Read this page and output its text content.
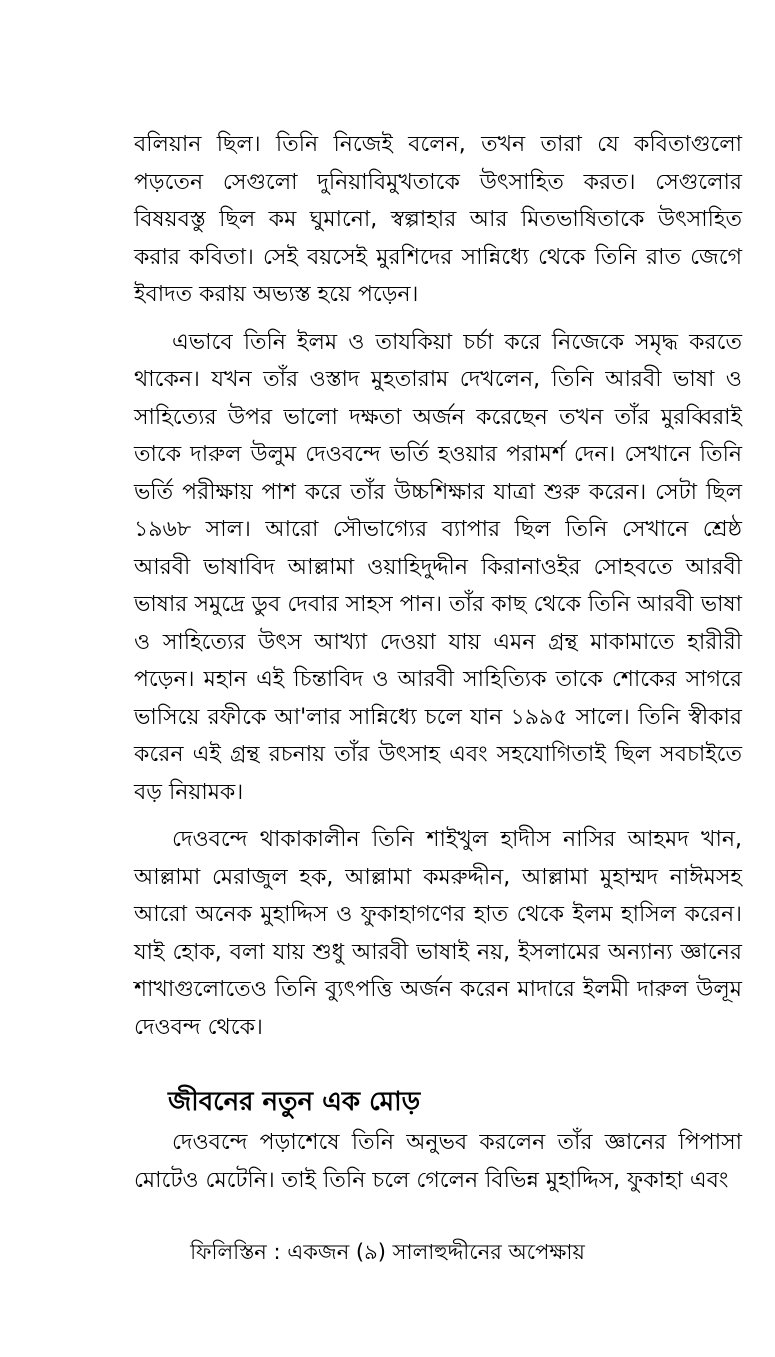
বলিয়ান ছিল। তিনি নিজেই বলেন, তখন তারা যে কবিতাগুলো পড়তেন সেগুলো দুনিয়াবিমুখতাকে উৎসাহিত করত। সেগুলোর বিষয়বস্তু ছিল কম ঘুমানো, স্বল্পাহার আর মিতভাষিতাকে উৎসাহিত করার কবিতা। সেই বয়সেই মুরশিদের সান্নিধ্যে থেকে তিনি রাত জেগে ইবাদত করায় অভ্যস্ত হয়ে পড়েন।

এভাবে তিনি ইলম ও তাযকিয়া চর্চা করে নিজেকে সমৃদ্ধ করতে থাকেন। যখন তাঁর ওস্তাদ মুহতারাম দেখলেন, তিনি আরবী ভাষা ও সাহিত্যের উপর ভালো দক্ষতা অর্জন করেছেন তখন তাঁর মুরব্বিরাই তাকে দারুল উলুম দেওবন্দে ভর্তি হওয়ার পরামর্শ দেন। সেখানে তিনি ভর্তি পরীক্ষায় পাশ করে তাঁর উচ্চশিক্ষার যাত্রা শুরু করেন। সেটা ছিল ১৯৬৮ সাল। আরো সৌভাগ্যের ব্যাপার ছিল তিনি সেখানে শ্রেষ্ঠ আরবী ভাষাবিদ আল্লামা ওয়াহিদুদ্দীন কিরানাওইর সোহবতে আরবী ভাষার সমুদ্রে ডুব দেবার সাহস পান। তাঁর কাছ থেকে তিনি আরবী ভাষা ও সাহিত্যের উৎস আখ্যা দেওয়া যায় এমন গ্রন্থ মাকামাতে হারীরী পড়েন। মহান এই চিন্তাবিদ ও আরবী সাহিত্যিক তাকে শোকের সাগরে ভাসিয়ে রফীকে আ'লার সান্নিধ্যে চলে যান ১৯৯৫ সালে। তিনি স্বীকার করেন এই গ্রন্থ রচনায় তাঁর উৎসাহ এবং সহযোগিতাই ছিল সবচাইতে বড় নিয়ামক।

দেওবন্দে থাকাকালীন তিনি শাইখুল হাদীস নাসির আহমদ খান, আল্লামা মেরাজুল হক, আল্লামা কমরুদ্দীন, আল্লামা মুহাম্মদ নাঈমসহ আরো অনেক মুহাদ্দিস ও ফুকাহাগণের হাত থেকে ইলম হাসিল করেন। যাই হোক, বলা যায় শুধু আরবী ভাষাই নয়, ইসলামের অন্যান্য জ্ঞানের শাখাগুলোতেও তিনি ব্যুৎপত্তি অর্জন করেন মাদারে ইলমী দারুল উলূম দেওবন্দ থেকে।

জীবনের নতুন এক মোড়

দেওবন্দে পড়াশেষে তিনি অনুভব করলেন তাঁর জ্ঞানের পিপাসা মোটেও মেটেনি। তাই তিনি চলে গেলেন বিভিন্ন মুহাদ্দিস, ফুকাহা এবং

ফিলিস্তিন : একজন (৯) সালাহুদ্দীনের অপেক্ষায়
